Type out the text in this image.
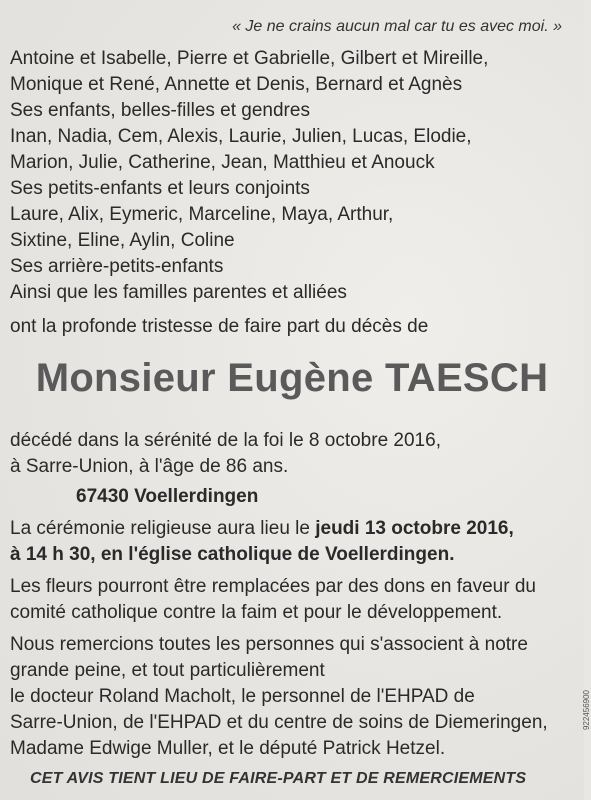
« Je ne crains aucun mal car tu es avec moi. »
Antoine et Isabelle, Pierre et Gabrielle, Gilbert et Mireille,
Monique et René, Annette et Denis, Bernard et Agnès
Ses enfants, belles-filles et gendres
Inan, Nadia, Cem, Alexis, Laurie, Julien, Lucas, Elodie,
Marion, Julie, Catherine, Jean, Matthieu et Anouck
Ses petits-enfants et leurs conjoints
Laure, Alix, Eymeric, Marceline, Maya, Arthur,
Sixtine, Eline, Aylin, Coline
Ses arrière-petits-enfants
Ainsi que les familles parentes et alliées
ont la profonde tristesse de faire part du décès de
Monsieur Eugène TAESCH
décédé dans la sérénité de la foi le 8 octobre 2016,
à Sarre-Union, à l'âge de 86 ans.
67430 Voellerdingen
La cérémonie religieuse aura lieu le jeudi 13 octobre 2016,
à 14 h 30, en l'église catholique de Voellerdingen.
Les fleurs pourront être remplacées par des dons en faveur du
comité catholique contre la faim et pour le développement.
Nous remercions toutes les personnes qui s'associent à notre
grande peine, et tout particulièrement
le docteur Roland Macholt, le personnel de l'EHPAD de
Sarre-Union, de l'EHPAD et du centre de soins de Diemeringen,
Madame Edwige Muller, et le député Patrick Hetzel.
CET AVIS TIENT LIEU DE FAIRE-PART ET DE REMERCIEMENTS
922456900
